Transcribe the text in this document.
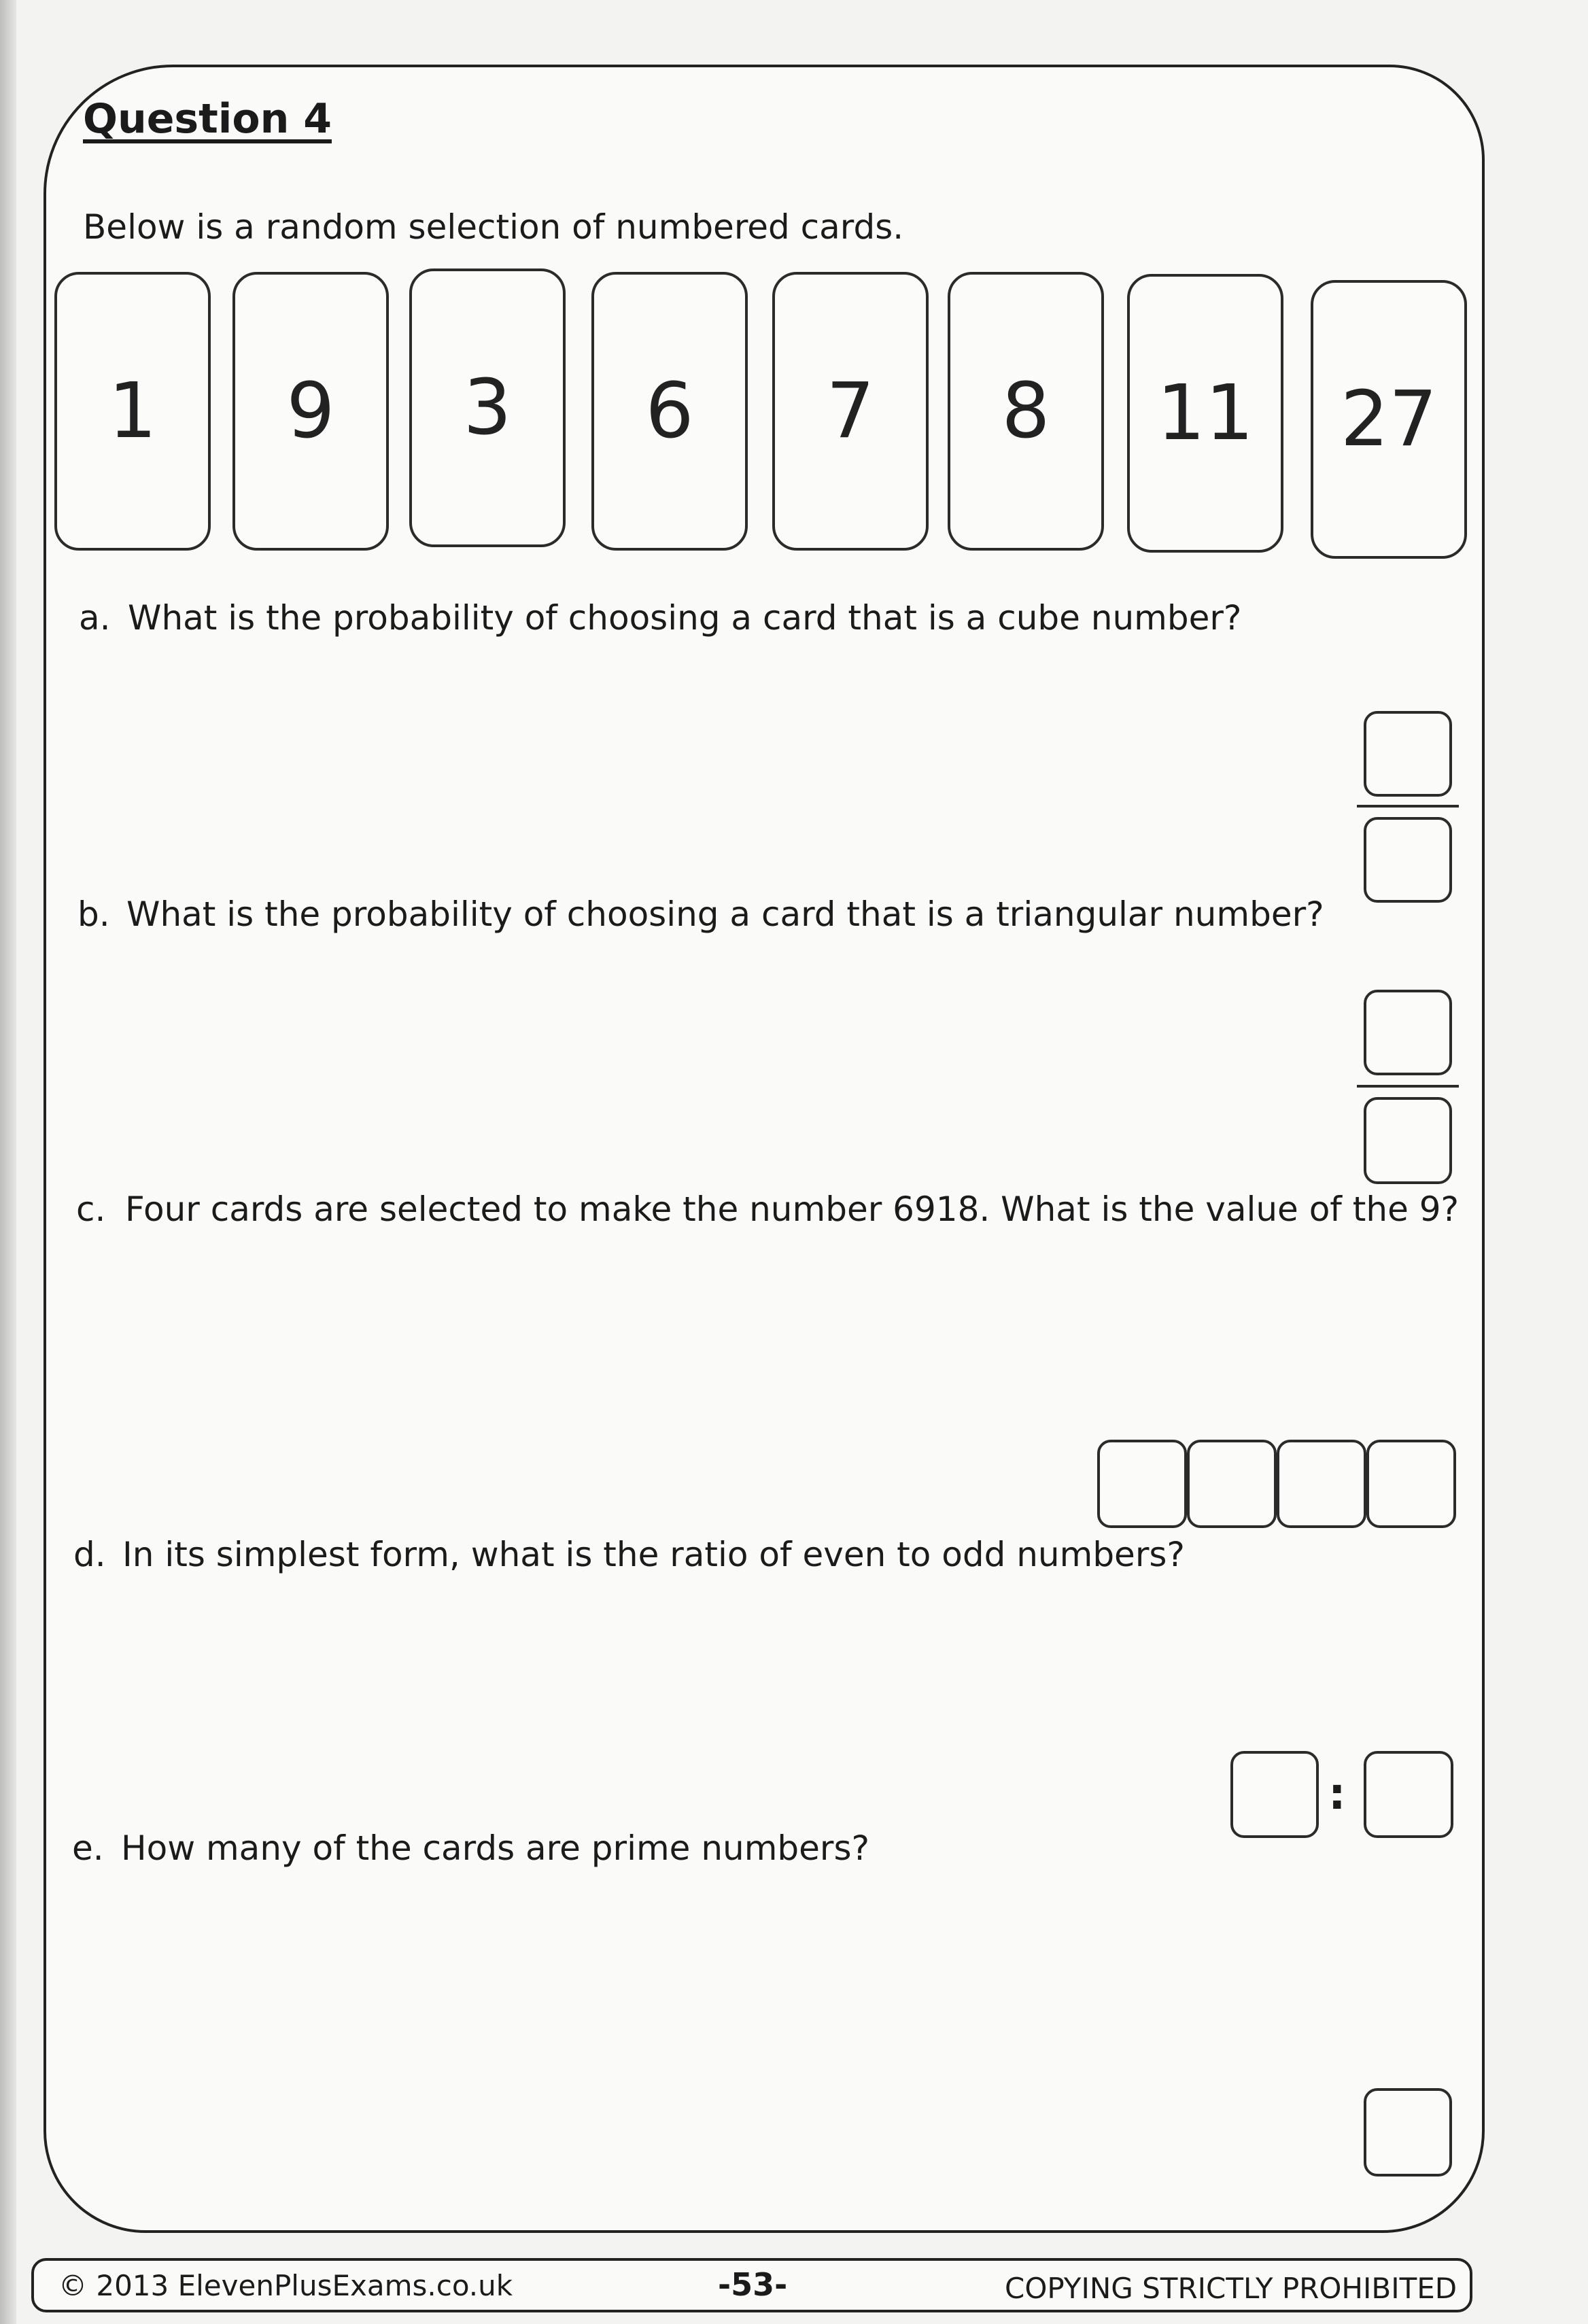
Question 4
Below is a random selection of numbered cards.
1	9	3	6	7	8	11	27
a. What is the probability of choosing a card that is a cube number?
b. What is the probability of choosing a card that is a triangular number?
c. Four cards are selected to make the number 6918. What is the value of the 9?
d. In its simplest form, what is the ratio of even to odd numbers?
:
e. How many of the cards are prime numbers?
© 2013 ElevenPlusExams.co.uk	-53-	COPYING STRICTLY PROHIBITED
